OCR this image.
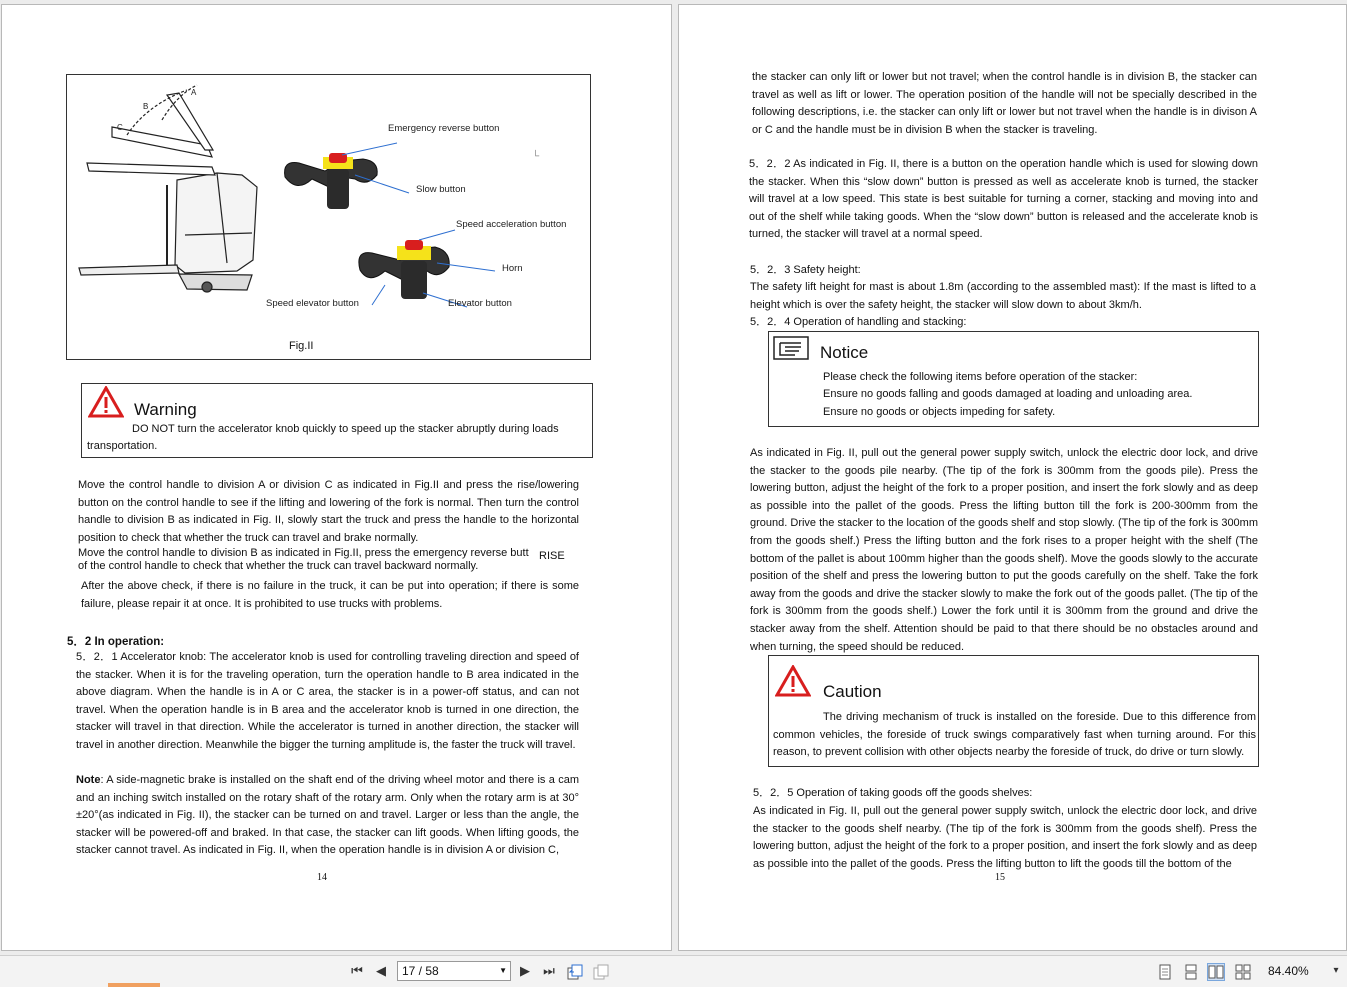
A
B
C
└
Emergency reverse button
Slow button
Speed acceleration button
Horn
Speed elevator button	Elevator button
Fig.II
Warning
DO NOT turn the accelerator knob quickly to speed up the stacker abruptly during loads
transportation.
Move the control handle to division A or division C as indicated in Fig.II and press the rise/lowering button on the control handle to see if the lifting and lowering of the fork is normal. Then turn the control handle to division B as indicated in Fig. II, slowly start the truck and press the handle to the horizontal position to check that whether the truck can travel and brake normally.
Move the control handle to division B as indicated in Fig.II, press the emergency reverse butt RISE
of the control handle to check that whether the truck can travel backward normally.
After the above check, if there is no failure in the truck, it can be put into operation; if there is some failure, please repair it at once. It is prohibited to use trucks with problems.
5．2 In operation:
5．2．1 Accelerator knob: The accelerator knob is used for controlling traveling direction and speed of the stacker. When it is for the traveling operation, turn the operation handle to B area indicated in the above diagram. When the handle is in A or C area, the stacker is in a power-off status, and can not travel. When the operation handle is in B area and the accelerator knob is turned in one direction, the stacker will travel in that direction. While the accelerator is turned in another direction, the stacker will travel in another direction. Meanwhile the bigger the turning amplitude is, the faster the truck will travel.
Note: A side-magnetic brake is installed on the shaft end of the driving wheel motor and there is a cam and an inching switch installed on the rotary shaft of the rotary arm. Only when the rotary arm is at 30°±20°(as indicated in Fig. II), the stacker can be turned on and travel. Larger or less than the angle, the stacker will be powered-off and braked. In that case, the stacker can lift goods. When lifting goods, the stacker cannot travel. As indicated in Fig. II, when the operation handle is in division A or division C,
14
the stacker can only lift or lower but not travel; when the control handle is in division B, the stacker can travel as well as lift or lower. The operation position of the handle will not be specially described in the following descriptions, i.e. the stacker can only lift or lower but not travel when the handle is in divison A or C and the handle must be in division B when the stacker is traveling.
5．2．2 As indicated in Fig. II, there is a button on the operation handle which is used for slowing down the stacker. When this “slow down” button is pressed as well as accelerate knob is turned, the stacker will travel at a low speed. This state is best suitable for turning a corner, stacking and moving into and out of the shelf while taking goods. When the “slow down” button is released and the accelerate knob is turned, the stacker will travel at a normal speed.
5．2．3 Safety height:
The safety lift height for mast is about 1.8m (according to the assembled mast): If the mast is lifted to a height which is over the safety height, the stacker will slow down to about 3km/h.
5．2．4 Operation of handling and stacking:
Notice
Please check the following items before operation of the stacker:
Ensure no goods falling and goods damaged at loading and unloading area.
Ensure no goods or objects impeding for safety.
As indicated in Fig. II, pull out the general power supply switch, unlock the electric door lock, and drive the stacker to the goods pile nearby. (The tip of the fork is 300mm from the goods pile). Press the lowering button, adjust the height of the fork to a proper position, and insert the fork slowly and as deep as possible into the pallet of the goods. Press the lifting button till the fork is 200-300mm from the ground. Drive the stacker to the location of the goods shelf and stop slowly. (The tip of the fork is 300mm from the goods shelf.) Press the lifting button and the fork rises to a proper height with the shelf (The bottom of the pallet is about 100mm higher than the goods shelf). Move the goods slowly to the accurate position of the shelf and press the lowering button to put the goods carefully on the shelf. Take the fork away from the goods and drive the stacker slowly to make the fork out of the goods pallet. (The tip of the fork is 300mm from the goods shelf.) Lower the fork until it is 300mm from the ground and drive the stacker away from the shelf. Attention should be paid to that there should be no obstacles around and when turning, the speed should be reduced.
Caution
The driving mechanism of truck is installed on the foreside. Due to this difference from common vehicles, the foreside of truck swings comparatively fast when turning around. For this reason, to prevent collision with other objects nearby the foreside of truck, do drive or turn slowly.
5．2．5 Operation of taking goods off the goods shelves:
As indicated in Fig. II, pull out the general power supply switch, unlock the electric door lock, and drive the stacker to the goods shelf nearby. (The tip of the fork is 300mm from the goods shelf). Press the lowering button, adjust the height of the fork to a proper position, and insert the fork slowly and as deep as possible into the pallet of the goods. Press the lifting button to lift the goods till the bottom of the
15
⏮	◀	17 / 58	▼	▶	⏭	84.40%	▾
